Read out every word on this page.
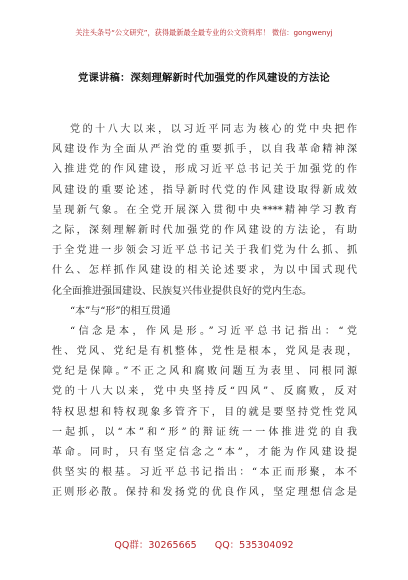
关注头条号“公文研究”，获得最新最全最专业的公文资料库！ 微信：gongwenyj
党课讲稿：深刻理解新时代加强党的作风建设的方法论
党的十八大以来，以习近平同志为核心的党中央把作
风建设作为全面从严治党的重要抓手，以自我革命精神深
入推进党的作风建设，形成习近平总书记关于加强党的作
风建设的重要论述，指导新时代党的作风建设取得新成效
呈现新气象。在全党开展深入贯彻中央****精神学习教育
之际，深刻理解新时代加强党的作风建设的方法论，有助
于全党进一步领会习近平总书记关于我们党为什么抓、抓
什么、怎样抓作风建设的相关论述要求，为以中国式现代
化全面推进强国建设、民族复兴伟业提供良好的党内生态。
“本”与“形”的相互贯通
“信念是本，作风是形。”习近平总书记指出：“党
性、党风、党纪是有机整体，党性是根本，党风是表现，
党纪是保障。”不正之风和腐败问题互为表里、同根同源
党的十八大以来，党中央坚持反“四风”、反腐败，反对
特权思想和特权现象多管齐下，目的就是要坚持党性党风
一起抓，以“本”和“形”的辩证统一一体推进党的自我
革命。同时，只有坚定信念之“本”，才能为作风建设提
供坚实的根基。习近平总书记指出：“本正而形聚，本不
正则形必散。保持和发扬党的优良作风，坚定理想信念是
QQ群：30265665 QQ：535304092
